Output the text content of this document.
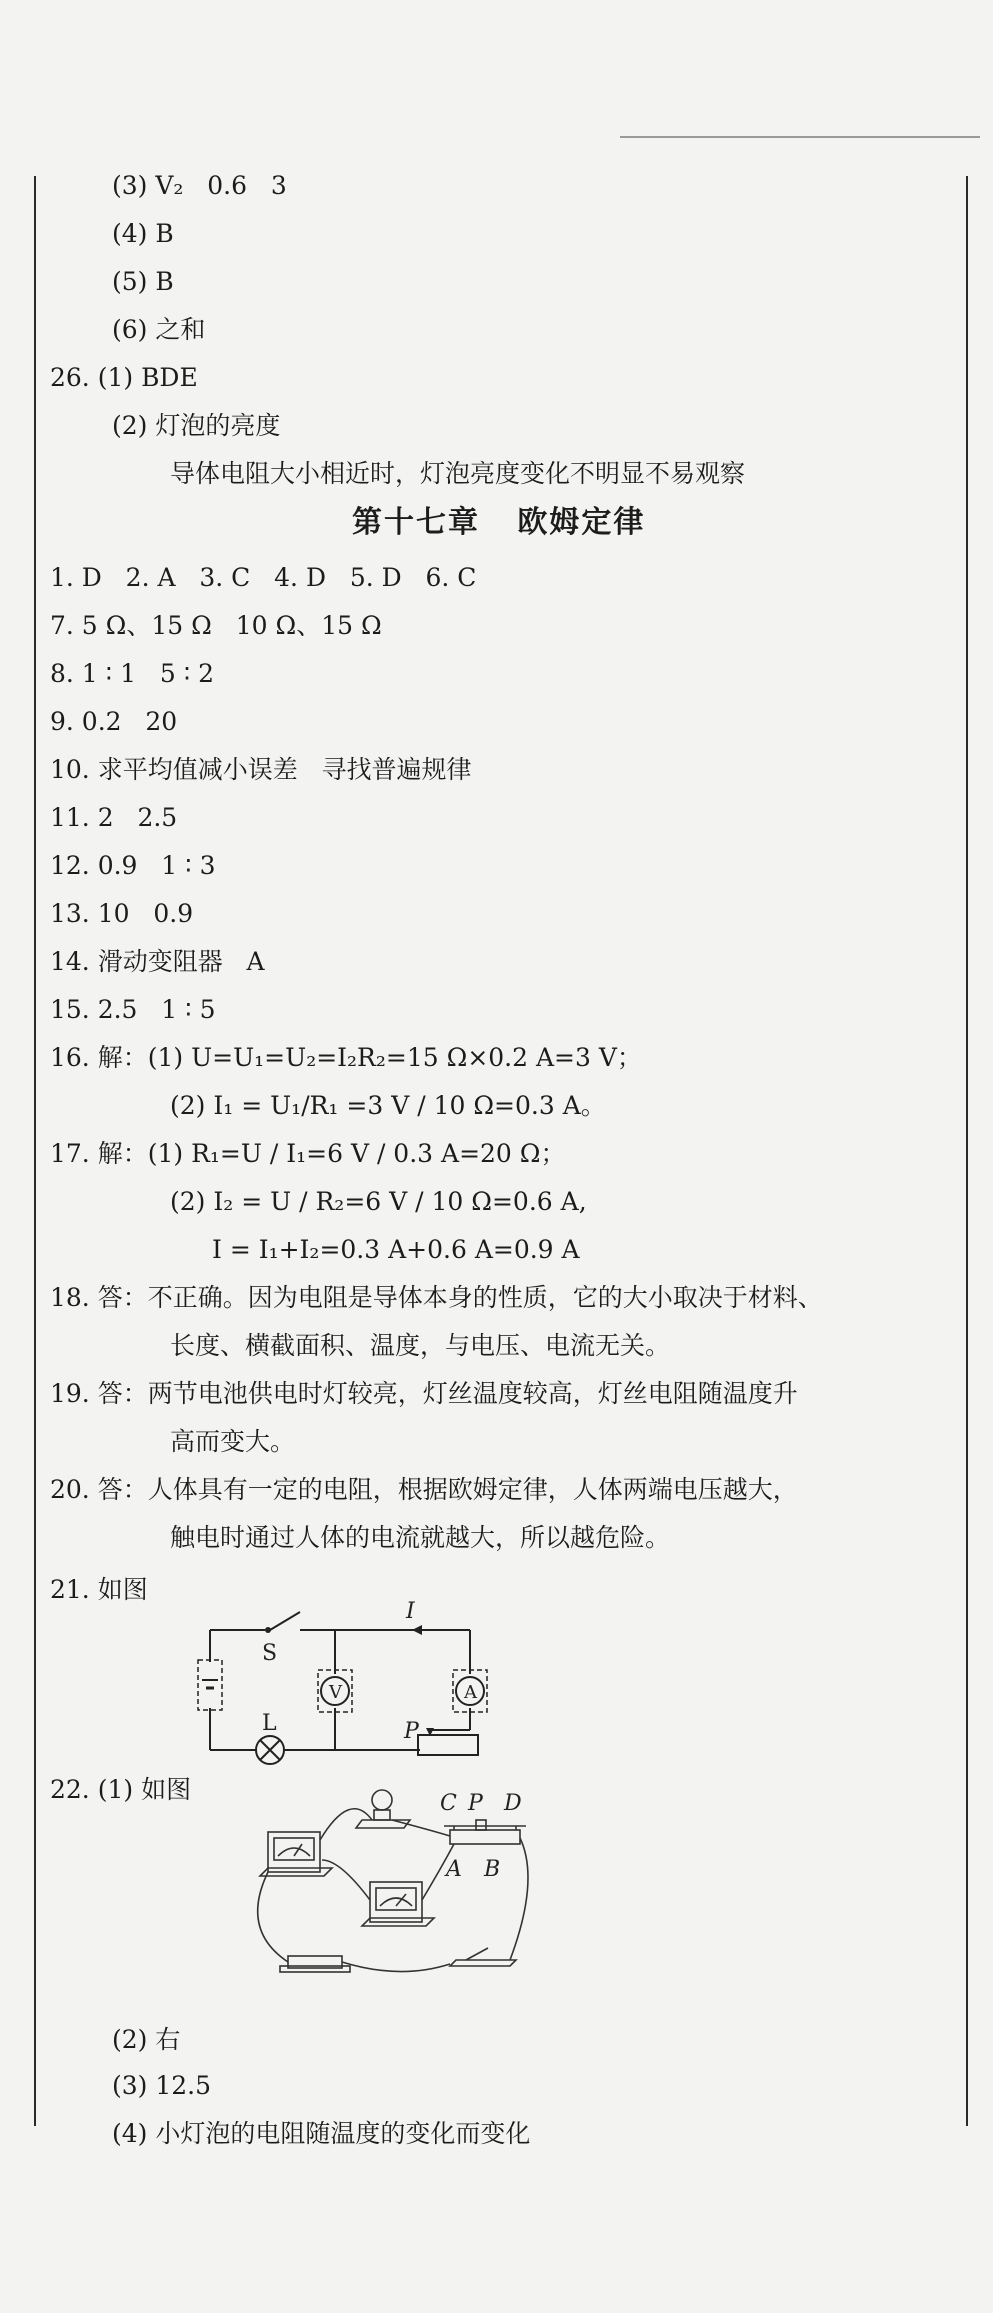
(3) V₂   0.6   3
(4) B
(5) B
(6) 之和
26. (1) BDE
(2) 灯泡的亮度
导体电阻大小相近时，灯泡亮度变化不明显不易观察
第十七章   欧姆定律
1. D   2. A   3. C   4. D   5. D   6. C
7. 5 Ω、15 Ω   10 Ω、15 Ω
8. 1 ∶ 1   5 ∶ 2
9. 0.2   20
10. 求平均值减小误差   寻找普遍规律
11. 2   2.5
12. 0.9   1 ∶ 3
13. 10   0.9
14. 滑动变阻器   A
15. 2.5   1 ∶ 5
16. 解：(1) U=U₁=U₂=I₂R₂=15 Ω×0.2 A=3 V；
(2) I₁ = U₁/R₁ =3 V / 10 Ω=0.3 A。
17. 解：(1) R₁=U / I₁=6 V / 0.3 A=20 Ω；
(2) I₂ = U / R₂=6 V / 10 Ω=0.6 A,
I = I₁+I₂=0.3 A+0.6 A=0.9 A
18. 答：不正确。因为电阻是导体本身的性质，它的大小取决于材料、
长度、横截面积、温度，与电压、电流无关。
19. 答：两节电池供电时灯较亮，灯丝温度较高，灯丝电阻随温度升
高而变大。
20. 答：人体具有一定的电阻，根据欧姆定律，人体两端电压越大，
触电时通过人体的电流就越大，所以越危险。
21. 如图
S
I
V	A
L	P
22. (1) 如图	C P D
A B
(2) 右
(3) 12.5
(4) 小灯泡的电阻随温度的变化而变化
